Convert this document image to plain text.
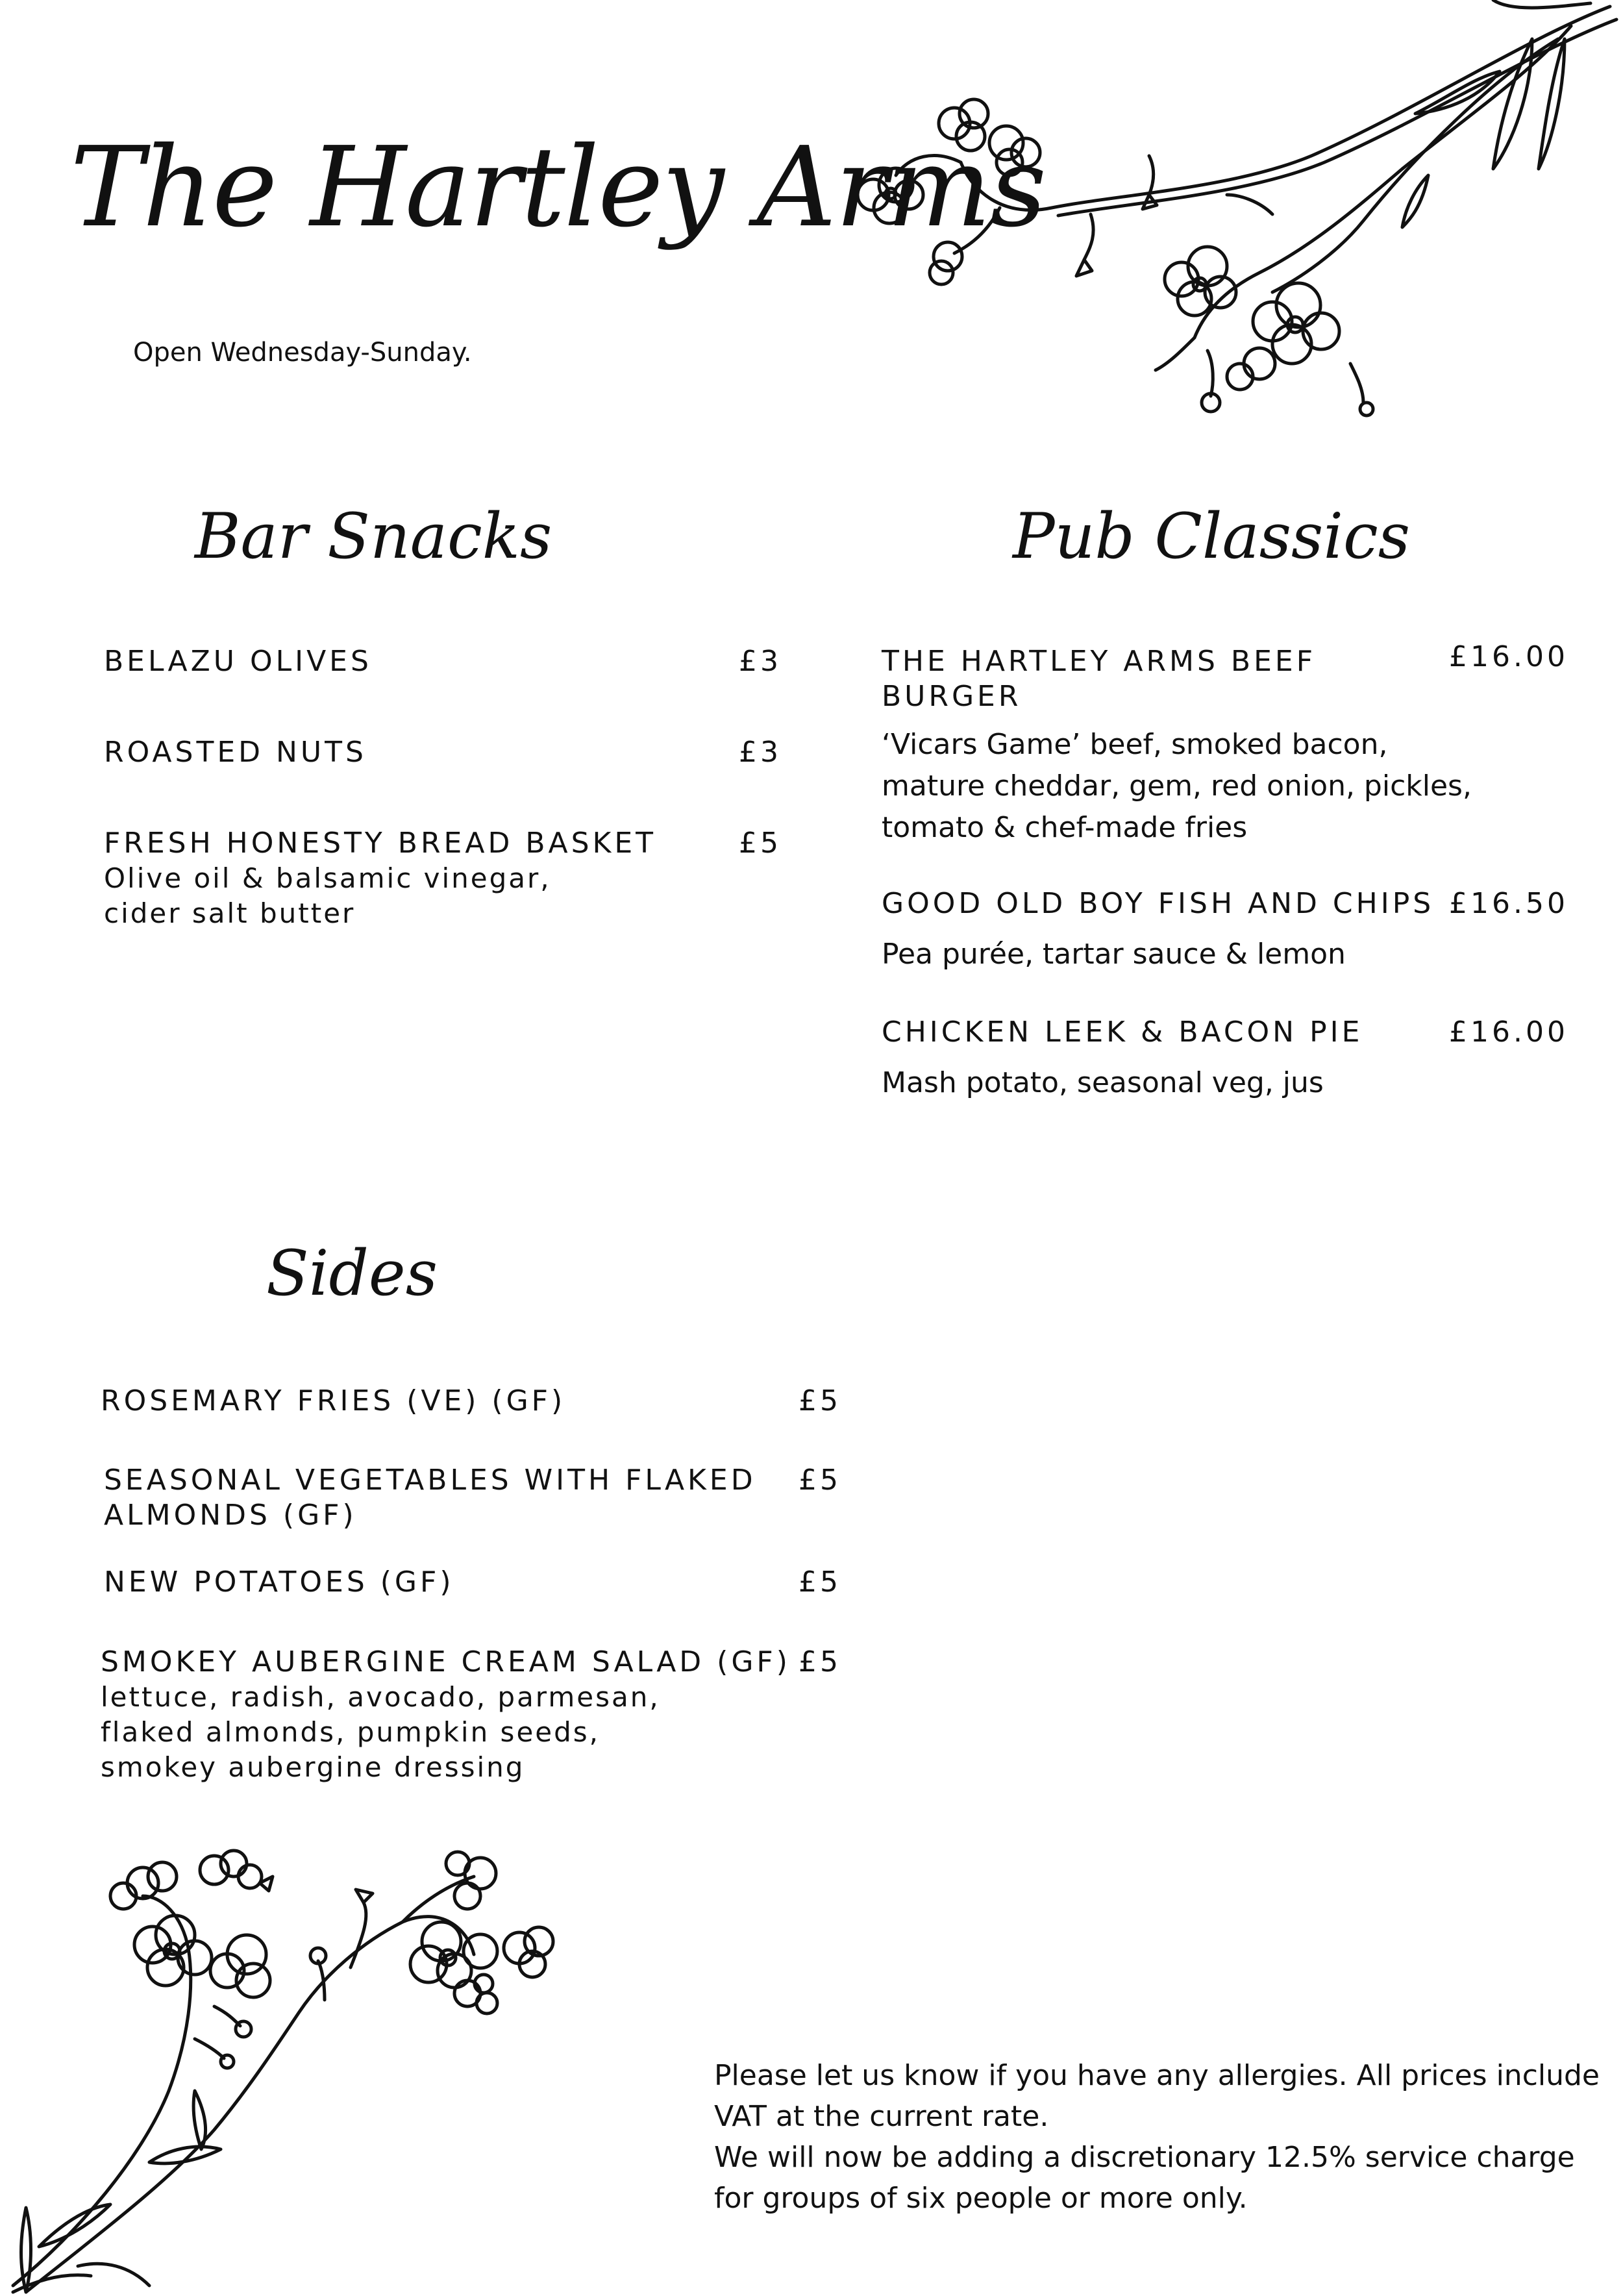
The Hartley Arms
Open Wednesday-Sunday.
Bar Snacks
BELAZU OLIVES	£3
ROASTED NUTS	£3
FRESH HONESTY BREAD BASKET	£5
Olive oil & balsamic vinegar,
cider salt butter
Pub Classics
THE HARTLEY ARMS BEEF
BURGER
£16.00
‘Vicars Game’ beef, smoked bacon,
mature cheddar, gem, red onion, pickles,
tomato & chef-made fries
GOOD OLD BOY FISH AND CHIPS £16.50
Pea purée, tartar sauce & lemon
CHICKEN LEEK & BACON PIE	£16.00
Mash potato, seasonal veg, jus
Sides
ROSEMARY FRIES (VE) (GF)	£5
SEASONAL VEGETABLES WITH FLAKED
ALMONDS (GF)
£5
NEW POTATOES (GF)	£5
SMOKEY AUBERGINE CREAM SALAD (GF) £5
lettuce, radish, avocado, parmesan,
flaked almonds, pumpkin seeds,
smokey aubergine dressing
Please let us know if you have any allergies. All prices include
VAT at the current rate.
We will now be adding a discretionary 12.5% service charge
for groups of six people or more only.
